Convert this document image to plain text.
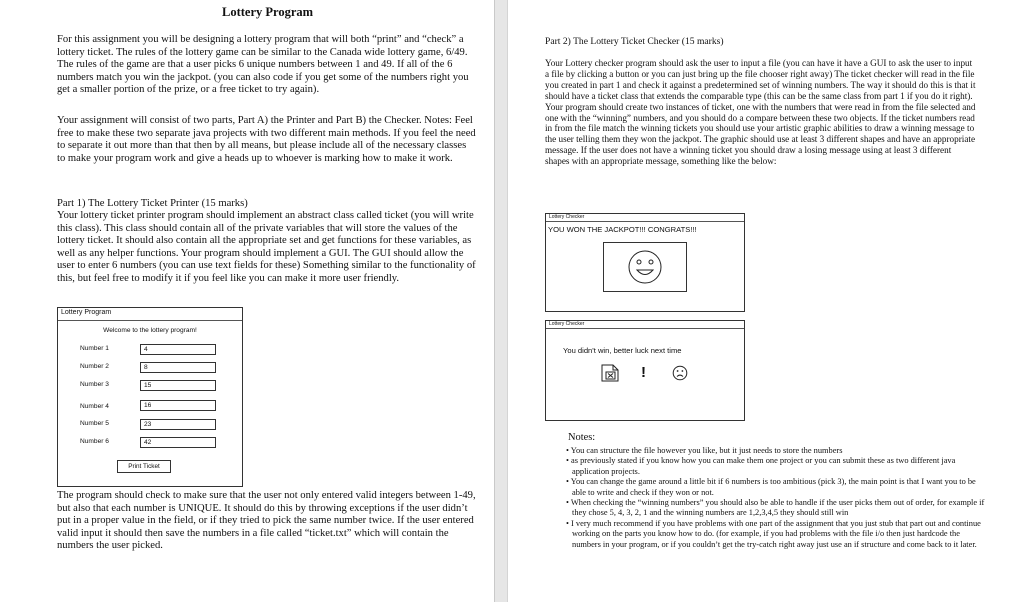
Lottery Program

For this assignment you will be designing a lottery program that will both “print” and “check” a lottery ticket. The rules of the lottery game can be similar to the Canada wide lottery game, 6/49. The rules of the game are that a user picks 6 unique numbers between 1 and 49. If all of the 6 numbers match you win the jackpot. (you can also code if you get some of the numbers right you get a smaller portion of the prize, or a free ticket to try again).

Your assignment will consist of two parts, Part A) the Printer and Part B) the Checker. Notes: Feel free to make these two separate java projects with two different main methods. If you feel the need to separate it out more than that then by all means, but please include all of the necessary classes to make your program work and give a heads up to whoever is marking how to make it work.

Part 1) The Lottery Ticket Printer (15 marks)

Your lottery ticket printer program should implement an abstract class called ticket (you will write this class). This class should contain all of the private variables that will store the values of the lottery ticket. It should also contain all the appropriate set and get functions for these variables, as well as any helper functions. Your program should implement a GUI. The GUI should allow the user to enter 6 numbers (you can use text fields for these) Something similar to the functionality of this, but feel free to modify it if you feel like you can make it more user friendly.

Lottery Program
Welcome to the lottery program!
Number 1	4
Number 2	8
Number 3	15
Number 4	16
Number 5	23
Number 6	42
Print Ticket

The program should check to make sure that the user not only entered valid integers between 1-49, but also that each number is UNIQUE. It should do this by throwing exceptions if the user didn’t put in a proper value in the field, or if they tried to pick the same number twice. If the user entered valid input it should then save the numbers in a file called “ticket.txt” which will contain the numbers the user picked.

Part 2) The Lottery Ticket Checker (15 marks)

Your Lottery checker program should ask the user to input a file (you can have it have a GUI to ask the user to input a file by clicking a button or you can just bring up the file chooser right away) The ticket checker will read in the file you created in part 1 and check it against a predetermined set of winning numbers. The way it should do this is that it should have a ticket class that extends the comparable type (this can be the same class from part 1 if you do it right). Your program should create two instances of ticket, one with the numbers that were read in from the file selected and one with the “winning” numbers, and you should do a compare between these two objects. If the ticket numbers read in from the file match the winning tickets you should use your artistic graphic abilities to draw a winning message to the user telling them they won the jackpot. The graphic should use at least 3 different shapes and have an appropriate message. If the user does not have a winning ticket you should draw a losing message using at least 3 different shapes with an appropriate message, something like the below:

Lottery Checker
YOU WON THE JACKPOT!!! CONGRATS!!!
Lottery Checker
You didn't win, better luck next time
!
Notes:
• You can structure the file however you like, but it just needs to store the numbers
• as previously stated if you know how you can make them one project or you can submit these as two different java application projects.
• You can change the game around a little bit if 6 numbers is too ambitious (pick 3), the main point is that I want you to be able to write and check if they won or not.
• When checking the “winning numbers” you should also be able to handle if the user picks them out of order, for example if they chose 5, 4, 3, 2, 1 and the winning numbers are 1,2,3,4,5 they should still win
• I very much recommend if you have problems with one part of the assignment that you just stub that part out and continue working on the parts you know how to do. (for example, if you had problems with the file i/o then just hardcode the numbers in your program, or if you couldn’t get the try-catch right away just use an if structure and come back to it later.
